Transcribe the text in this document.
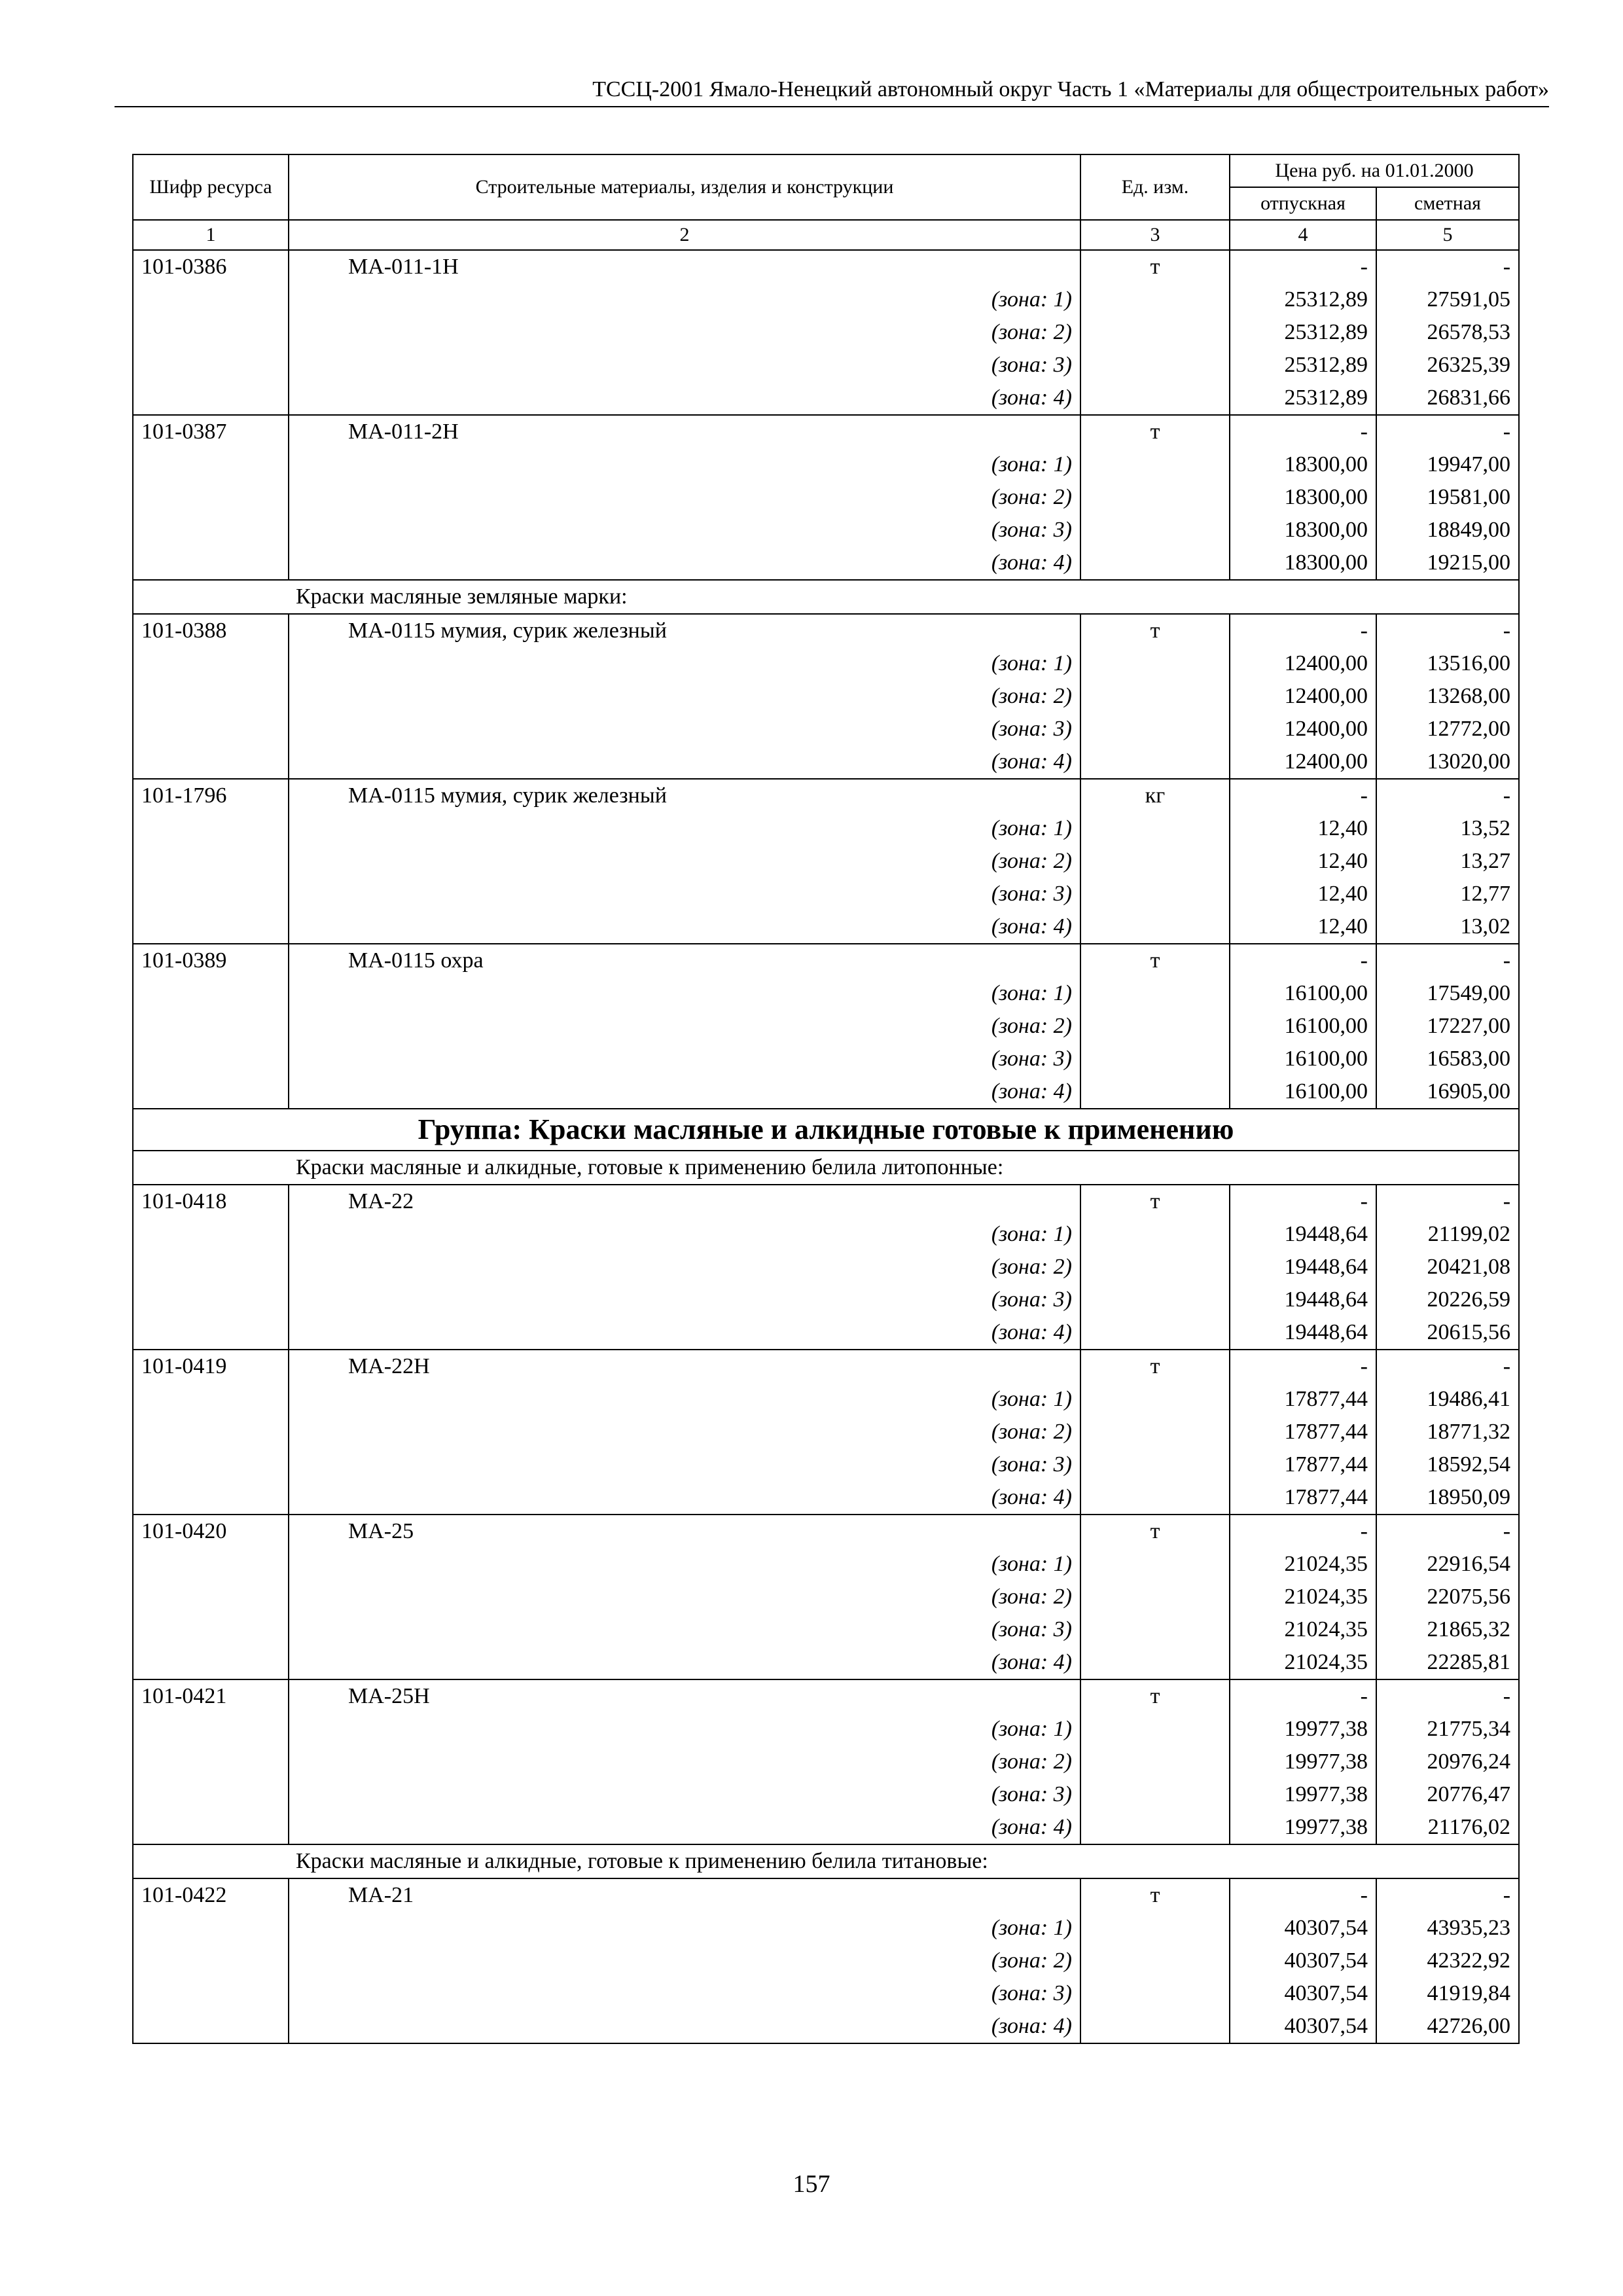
ТССЦ-2001 Ямало-Ненецкий автономный округ Часть 1 «Материалы для общестроительных работ»
Шифр ресурса	Строительные материалы, изделия и конструкции	Ед. изм.	Цена руб. на 01.01.2000	
			отпускная	сметная
1	2	3	4	5
101-0386	МА-011-1Н	т	-	-
	(зона: 1)		25312,89	27591,05
	(зона: 2)		25312,89	26578,53
	(зона: 3)		25312,89	26325,39
	(зона: 4)		25312,89	26831,66
101-0387	МА-011-2Н	т	-	-
	(зона: 1)		18300,00	19947,00
	(зона: 2)		18300,00	19581,00
	(зона: 3)		18300,00	18849,00
	(зона: 4)		18300,00	19215,00
Краски масляные земляные марки:				
101-0388	МА-0115 мумия, сурик железный	т	-	-
	(зона: 1)		12400,00	13516,00
	(зона: 2)		12400,00	13268,00
	(зона: 3)		12400,00	12772,00
	(зона: 4)		12400,00	13020,00
101-1796	МА-0115 мумия, сурик железный	кг	-	-
	(зона: 1)		12,40	13,52
	(зона: 2)		12,40	13,27
	(зона: 3)		12,40	12,77
	(зона: 4)		12,40	13,02
101-0389	МА-0115 охра	т	-	-
	(зона: 1)		16100,00	17549,00
	(зона: 2)		16100,00	17227,00
	(зона: 3)		16100,00	16583,00
	(зона: 4)		16100,00	16905,00
Группа: Краски масляные и алкидные готовые к применению				
Краски масляные и алкидные, готовые к применению белила литопонные:				
101-0418	МА-22	т	-	-
	(зона: 1)		19448,64	21199,02
	(зона: 2)		19448,64	20421,08
	(зона: 3)		19448,64	20226,59
	(зона: 4)		19448,64	20615,56
101-0419	МА-22Н	т	-	-
	(зона: 1)		17877,44	19486,41
	(зона: 2)		17877,44	18771,32
	(зона: 3)		17877,44	18592,54
	(зона: 4)		17877,44	18950,09
101-0420	МА-25	т	-	-
	(зона: 1)		21024,35	22916,54
	(зона: 2)		21024,35	22075,56
	(зона: 3)		21024,35	21865,32
	(зона: 4)		21024,35	22285,81
101-0421	МА-25Н	т	-	-
	(зона: 1)		19977,38	21775,34
	(зона: 2)		19977,38	20976,24
	(зона: 3)		19977,38	20776,47
	(зона: 4)		19977,38	21176,02
Краски масляные и алкидные, готовые к применению белила титановые:				
101-0422	МА-21	т	-	-
	(зона: 1)		40307,54	43935,23
	(зона: 2)		40307,54	42322,92
	(зона: 3)		40307,54	41919,84
	(зона: 4)		40307,54	42726,00
157
